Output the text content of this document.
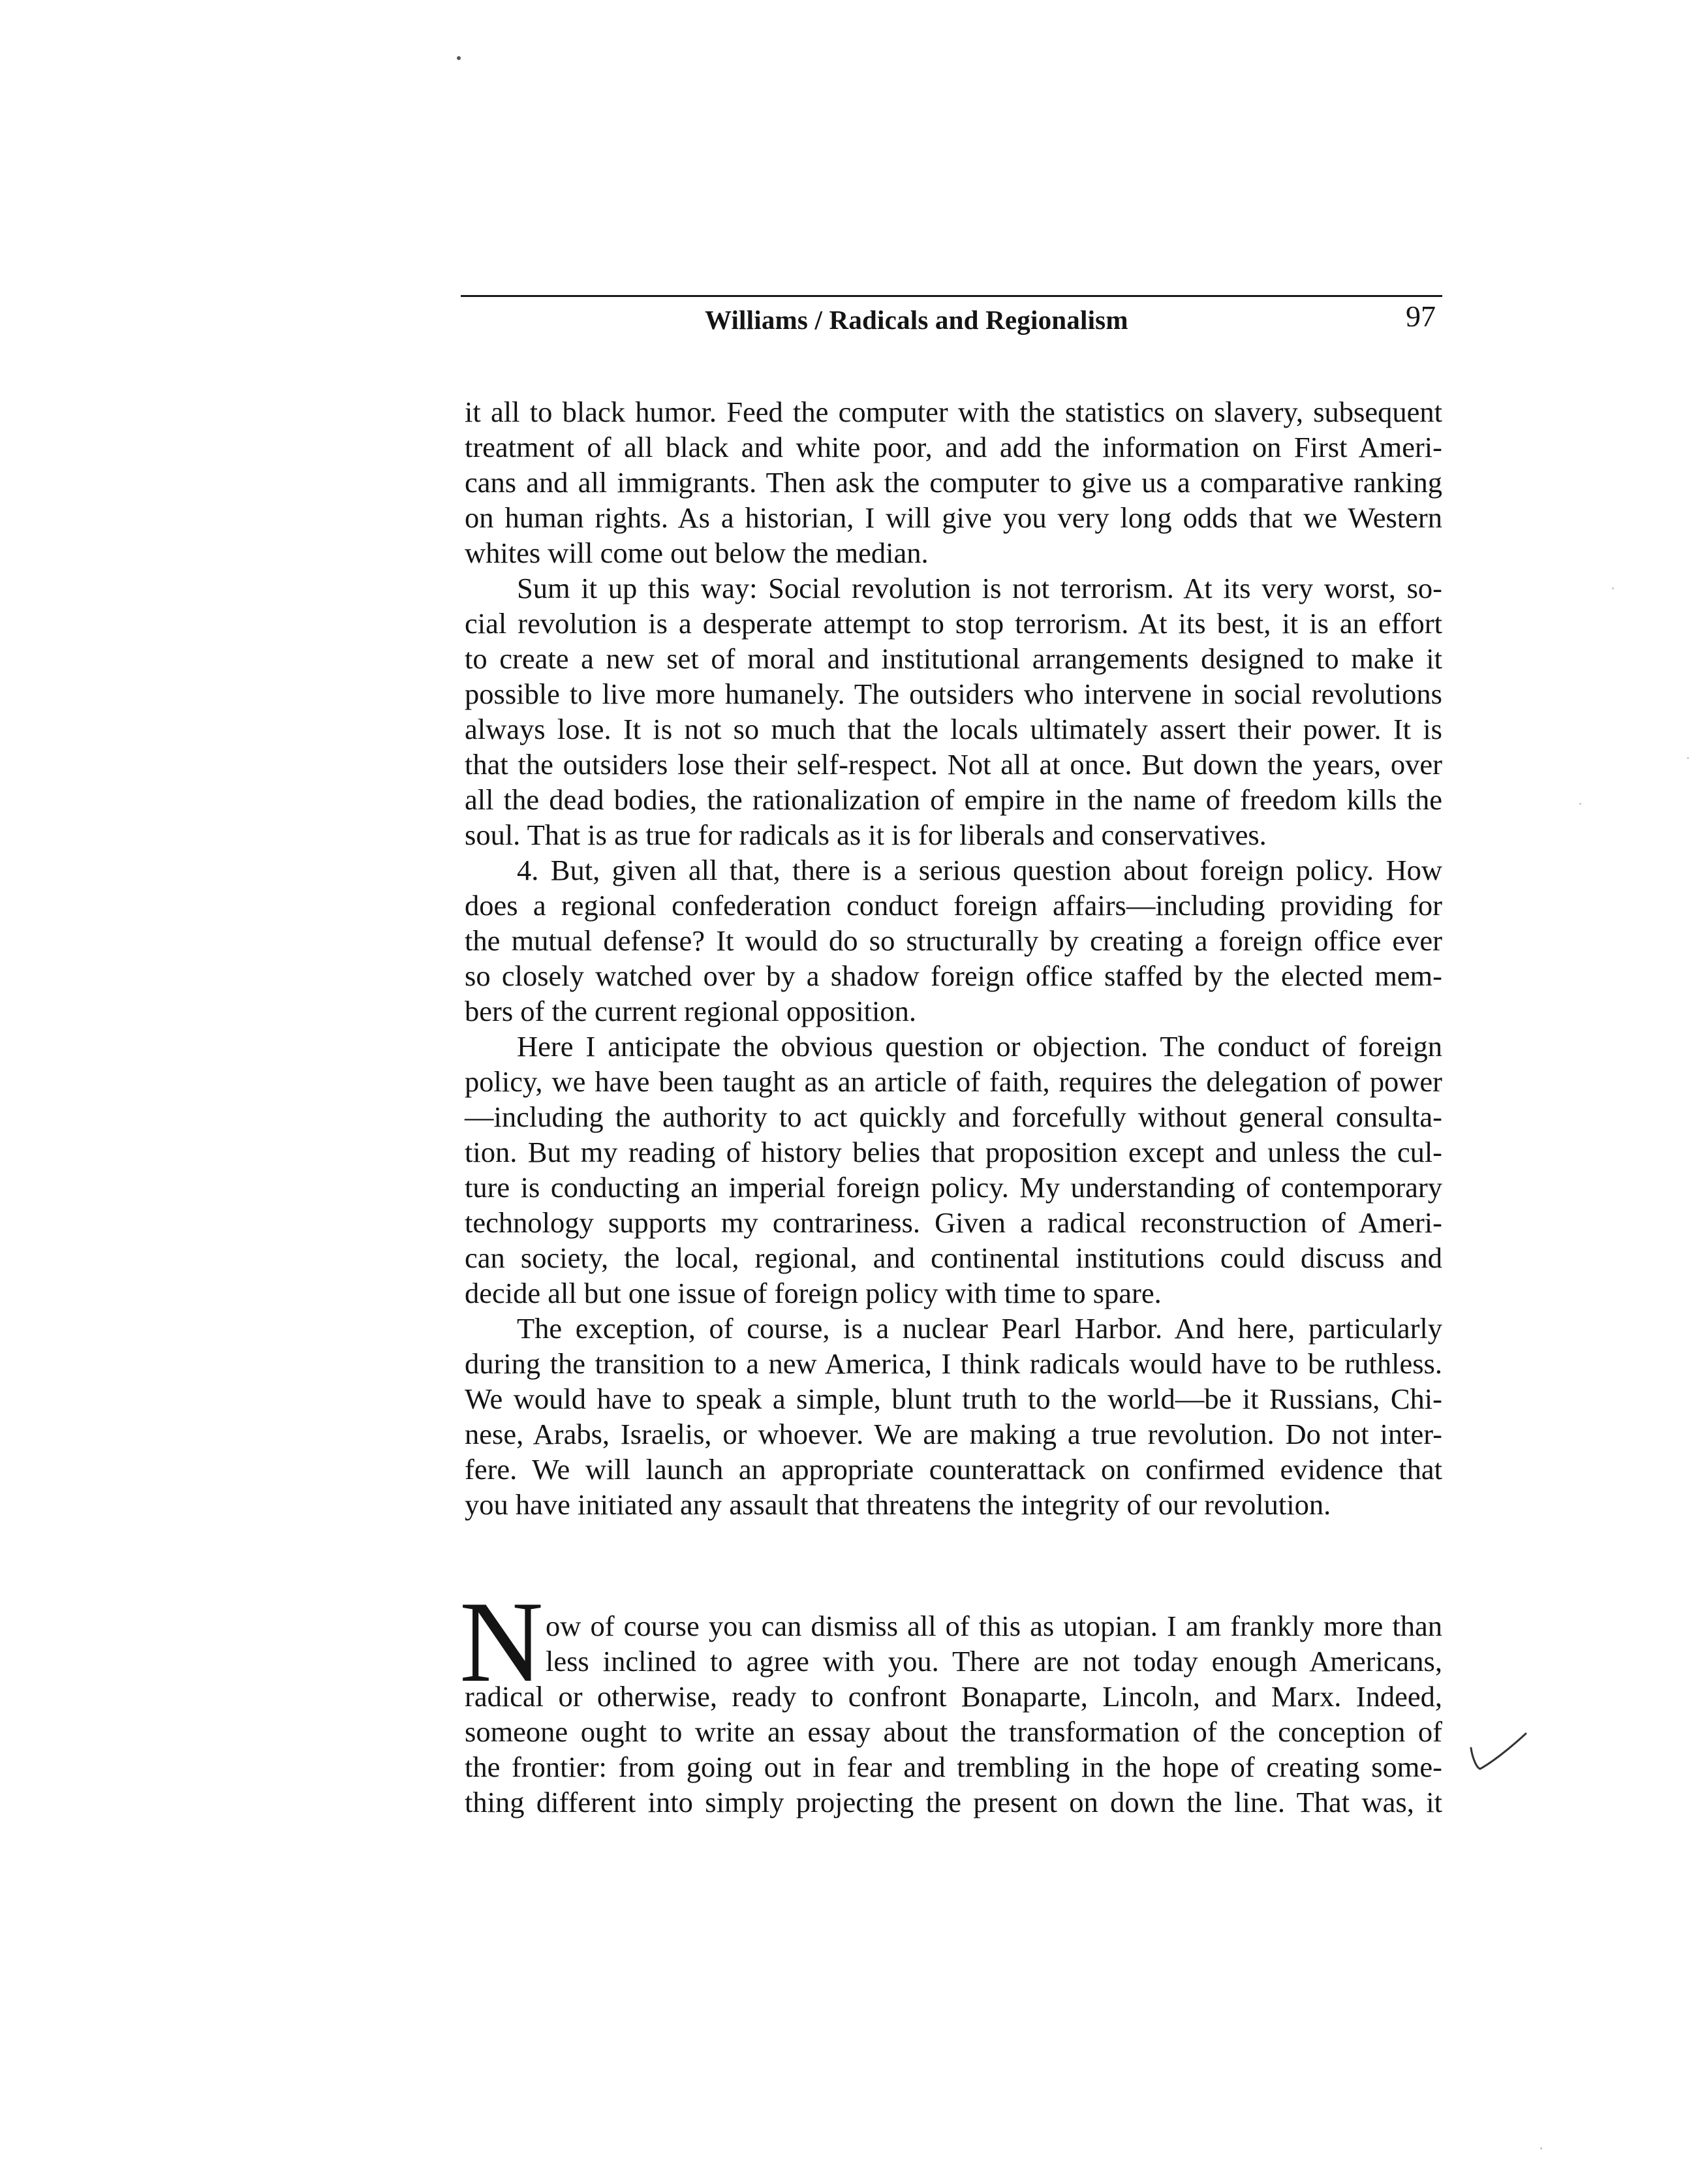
Williams / Radicals and Regionalism	97
it all to black humor. Feed the computer with the statistics on slavery, subsequent
treatment of all black and white poor, and add the information on First Ameri-
cans and all immigrants. Then ask the computer to give us a comparative ranking
on human rights. As a historian, I will give you very long odds that we Western
whites will come out below the median.
Sum it up this way: Social revolution is not terrorism. At its very worst, so-
cial revolution is a desperate attempt to stop terrorism. At its best, it is an effort
to create a new set of moral and institutional arrangements designed to make it
possible to live more humanely. The outsiders who intervene in social revolutions
always lose. It is not so much that the locals ultimately assert their power. It is
that the outsiders lose their self-respect. Not all at once. But down the years, over
all the dead bodies, the rationalization of empire in the name of freedom kills the
soul. That is as true for radicals as it is for liberals and conservatives.
4. But, given all that, there is a serious question about foreign policy. How
does a regional confederation conduct foreign affairs—including providing for
the mutual defense? It would do so structurally by creating a foreign office ever
so closely watched over by a shadow foreign office staffed by the elected mem-
bers of the current regional opposition.
Here I anticipate the obvious question or objection. The conduct of foreign
policy, we have been taught as an article of faith, requires the delegation of power
—including the authority to act quickly and forcefully without general consulta-
tion. But my reading of history belies that proposition except and unless the cul-
ture is conducting an imperial foreign policy. My understanding of contemporary
technology supports my contrariness. Given a radical reconstruction of Ameri-
can society, the local, regional, and continental institutions could discuss and
decide all but one issue of foreign policy with time to spare.
The exception, of course, is a nuclear Pearl Harbor. And here, particularly
during the transition to a new America, I think radicals would have to be ruthless.
We would have to speak a simple, blunt truth to the world—be it Russians, Chi-
nese, Arabs, Israelis, or whoever. We are making a true revolution. Do not inter-
fere. We will launch an appropriate counterattack on confirmed evidence that
you have initiated any assault that threatens the integrity of our revolution.
N ow of course you can dismiss all of this as utopian. I am frankly more than
less inclined to agree with you. There are not today enough Americans,
radical or otherwise, ready to confront Bonaparte, Lincoln, and Marx. Indeed,
someone ought to write an essay about the transformation of the conception of
the frontier: from going out in fear and trembling in the hope of creating some-
thing different into simply projecting the present on down the line. That was, it
